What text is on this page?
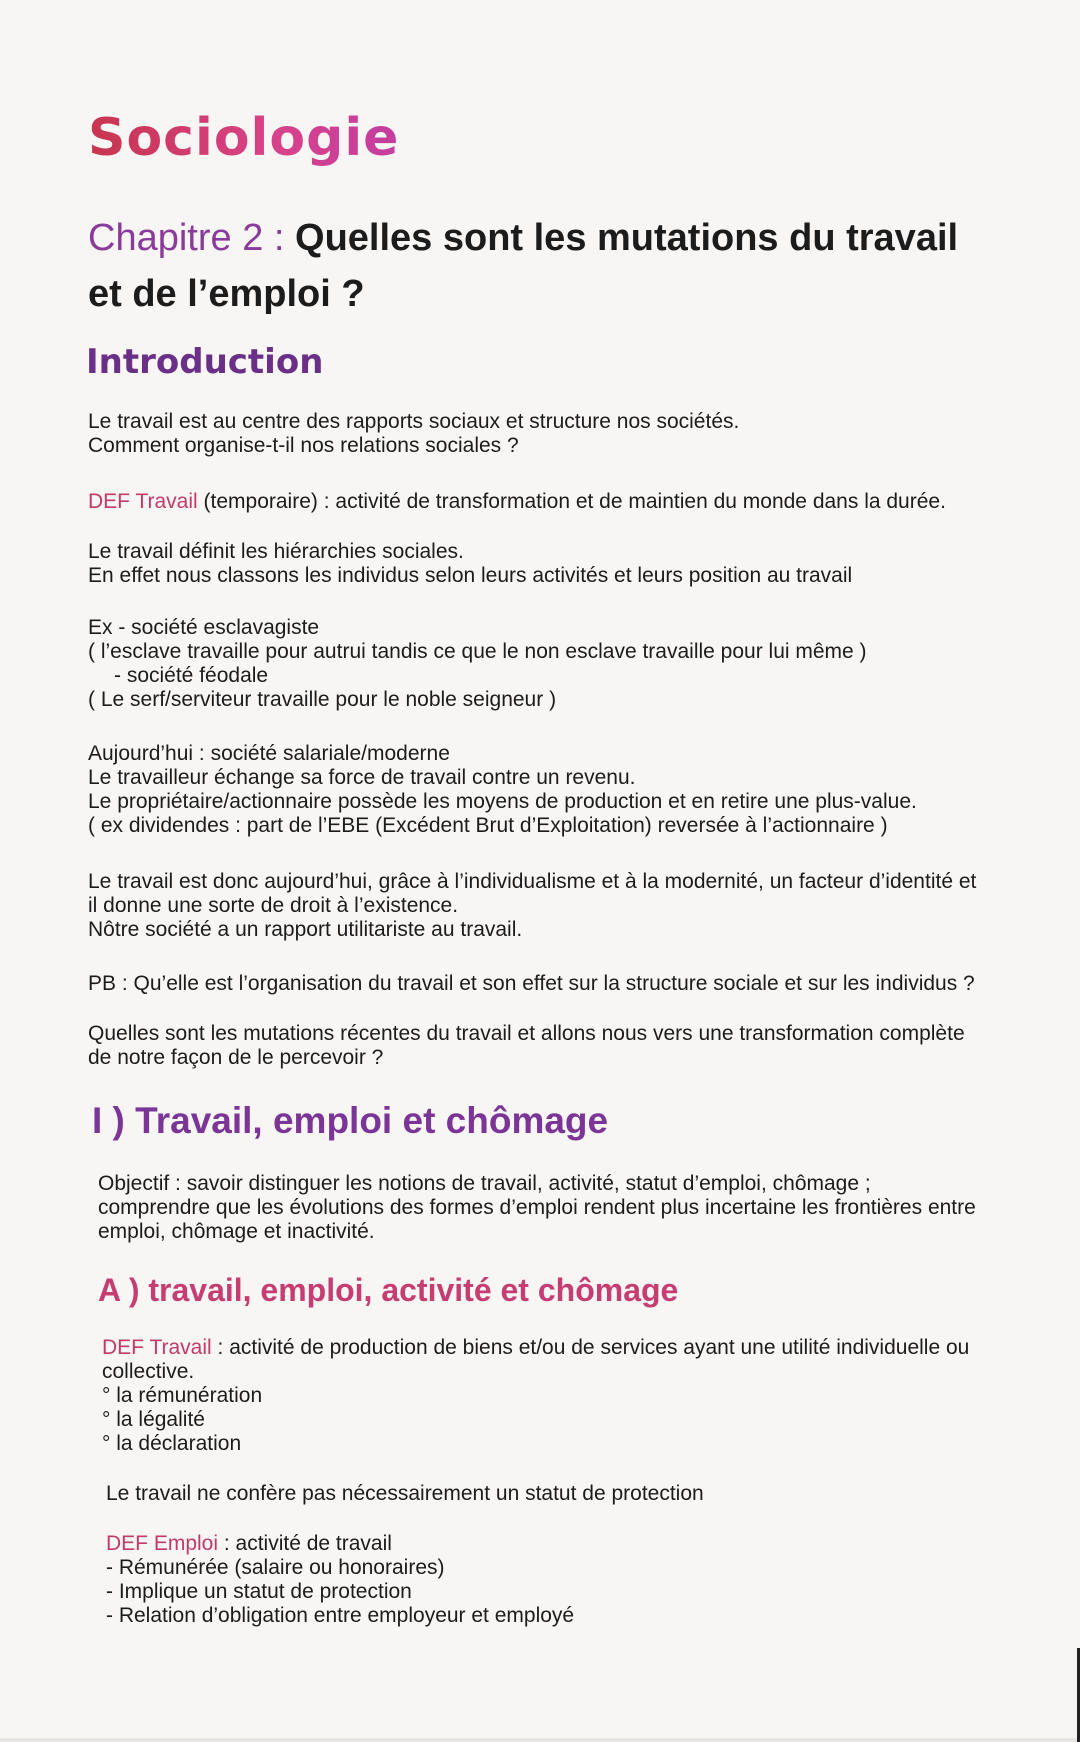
Sociologie
Chapitre 2 : Quelles sont les mutations du travail
et de l’emploi ?
Introduction

Le travail est au centre des rapports sociaux et structure nos sociétés.

Comment organise-t-il nos relations sociales ?

DEF Travail (temporaire) : activité de transformation et de maintien du monde dans la durée.

Le travail définit les hiérarchies sociales.

En effet nous classons les individus selon leurs activités et leurs position au travail

Ex - société esclavagiste

( l’esclave travaille pour autrui tandis ce que le non esclave travaille pour lui même )

- société féodale

( Le serf/serviteur travaille pour le noble seigneur )

Aujourd’hui : société salariale/moderne

Le travailleur échange sa force de travail contre un revenu.

Le propriétaire/actionnaire possède les moyens de production et en retire une plus-value.

( ex dividendes : part de l’EBE (Excédent Brut d’Exploitation) reversée à l’actionnaire )

Le travail est donc aujourd’hui, grâce à l’individualisme et à la modernité, un facteur d’identité et il donne une sorte de droit à l’existence.

Nôtre société a un rapport utilitariste au travail.

PB : Qu’elle est l’organisation du travail et son effet sur la structure sociale et sur les individus ?

Quelles sont les mutations récentes du travail et allons nous vers une transformation complète de notre façon de le percevoir ?

I ) Travail, emploi et chômage

Objectif : savoir distinguer les notions de travail, activité, statut d’emploi, chômage ; comprendre que les évolutions des formes d’emploi rendent plus incertaine les frontières entre emploi, chômage et inactivité.

A ) travail, emploi, activité et chômage

DEF Travail : activité de production de biens et/ou de services ayant une utilité individuelle ou collective.

° la rémunération

° la légalité

° la déclaration

Le travail ne confère pas nécessairement un statut de protection

DEF Emploi : activité de travail

- Rémunérée (salaire ou honoraires)

- Implique un statut de protection

- Relation d’obligation entre employeur et employé
